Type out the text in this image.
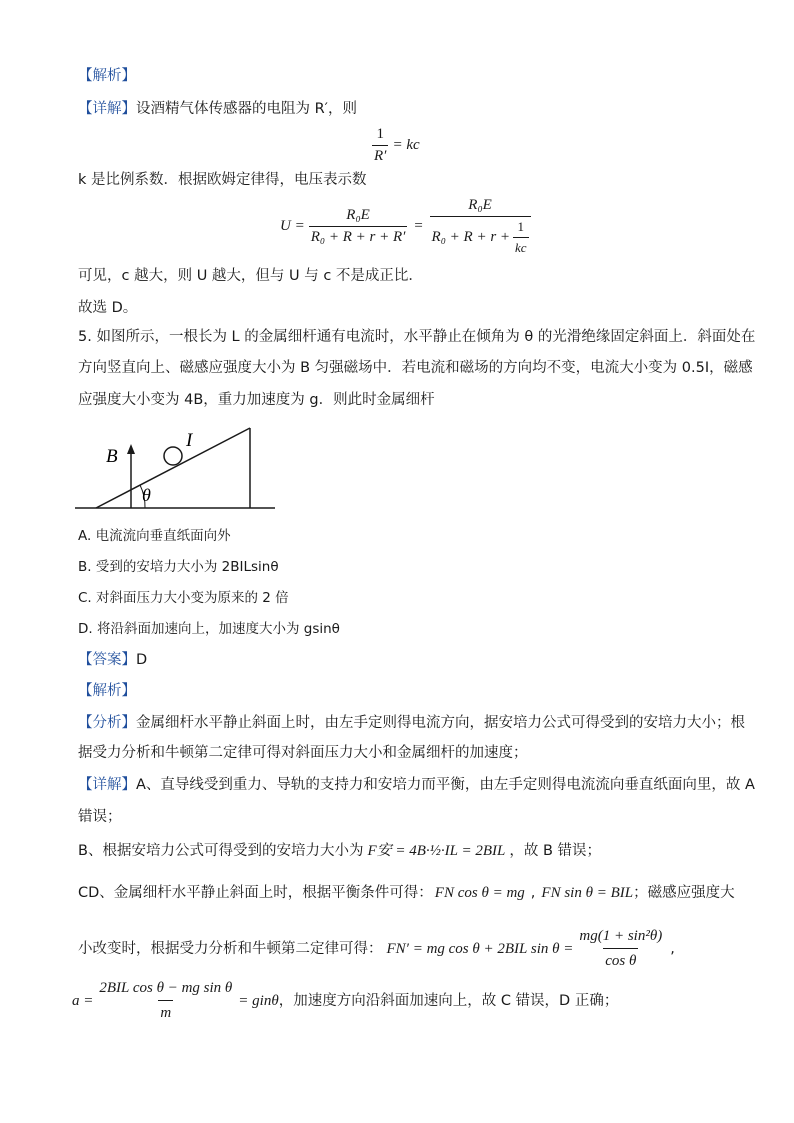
【解析】
【详解】设酒精气体传感器的电阻为 R′，则
$\frac{1}{R'}$ = kc
k 是比例系数．根据欧姆定律得，电压表示数
$U = \frac{\text{R₀E}}{\text{R₀ + R + r + R′}} = \frac{\text{R₀E}}{R_0 + R + r + \frac{1}{kc}}$
可见，c 越大，则 U 越大，但与 U 与 c 不是成正比．
故选 D。
5. 如图所示，一根长为 L 的金属细杆通有电流时，水平静止在倾角为 θ 的光滑绝缘固定斜面上．斜面处在
方向竖直向上、磁感应强度大小为 B 匀强磁场中．若电流和磁场的方向均不变，电流大小变为 0.5I，磁感
应强度大小变为 4B，重力加速度为 g．则此时金属细杆
B
I
θ
A. 电流流向垂直纸面向外
B. 受到的安培力大小为 2BILsinθ
C. 对斜面压力大小变为原来的 2 倍
D. 将沿斜面加速向上，加速度大小为 gsinθ
【答案】D
【解析】
【分析】金属细杆水平静止斜面上时，由左手定则得电流方向，据安培力公式可得受到的安培力大小；根
据受力分析和牛顿第二定律可得对斜面压力大小和金属细杆的加速度；
【详解】A、直导线受到重力、导轨的支持力和安培力而平衡，由左手定则得电流流向垂直纸面向里，故 A
错误；
B、根据安培力公式可得受到的安培力大小为 F安 = 4B·½·IL = 2BIL ，故 B 错误；
CD、金属细杆水平静止斜面上时，根据平衡条件可得： FN cos θ = mg , FN sin θ = BIL ；磁感应强度大
小改变时，根据受力分析和牛顿第二定律可得： FN′ = mg cos θ + 2BIL $\sin \theta = \frac{\text{mg(1 + sin²θ)}}{\text{cos θ}}$ ,
$a = \frac{\text{2BIL cos θ − mg sin θ}}{m} = gin\theta$ ，加速度方向沿斜面加速向上，故 C 错误，D 正确；
